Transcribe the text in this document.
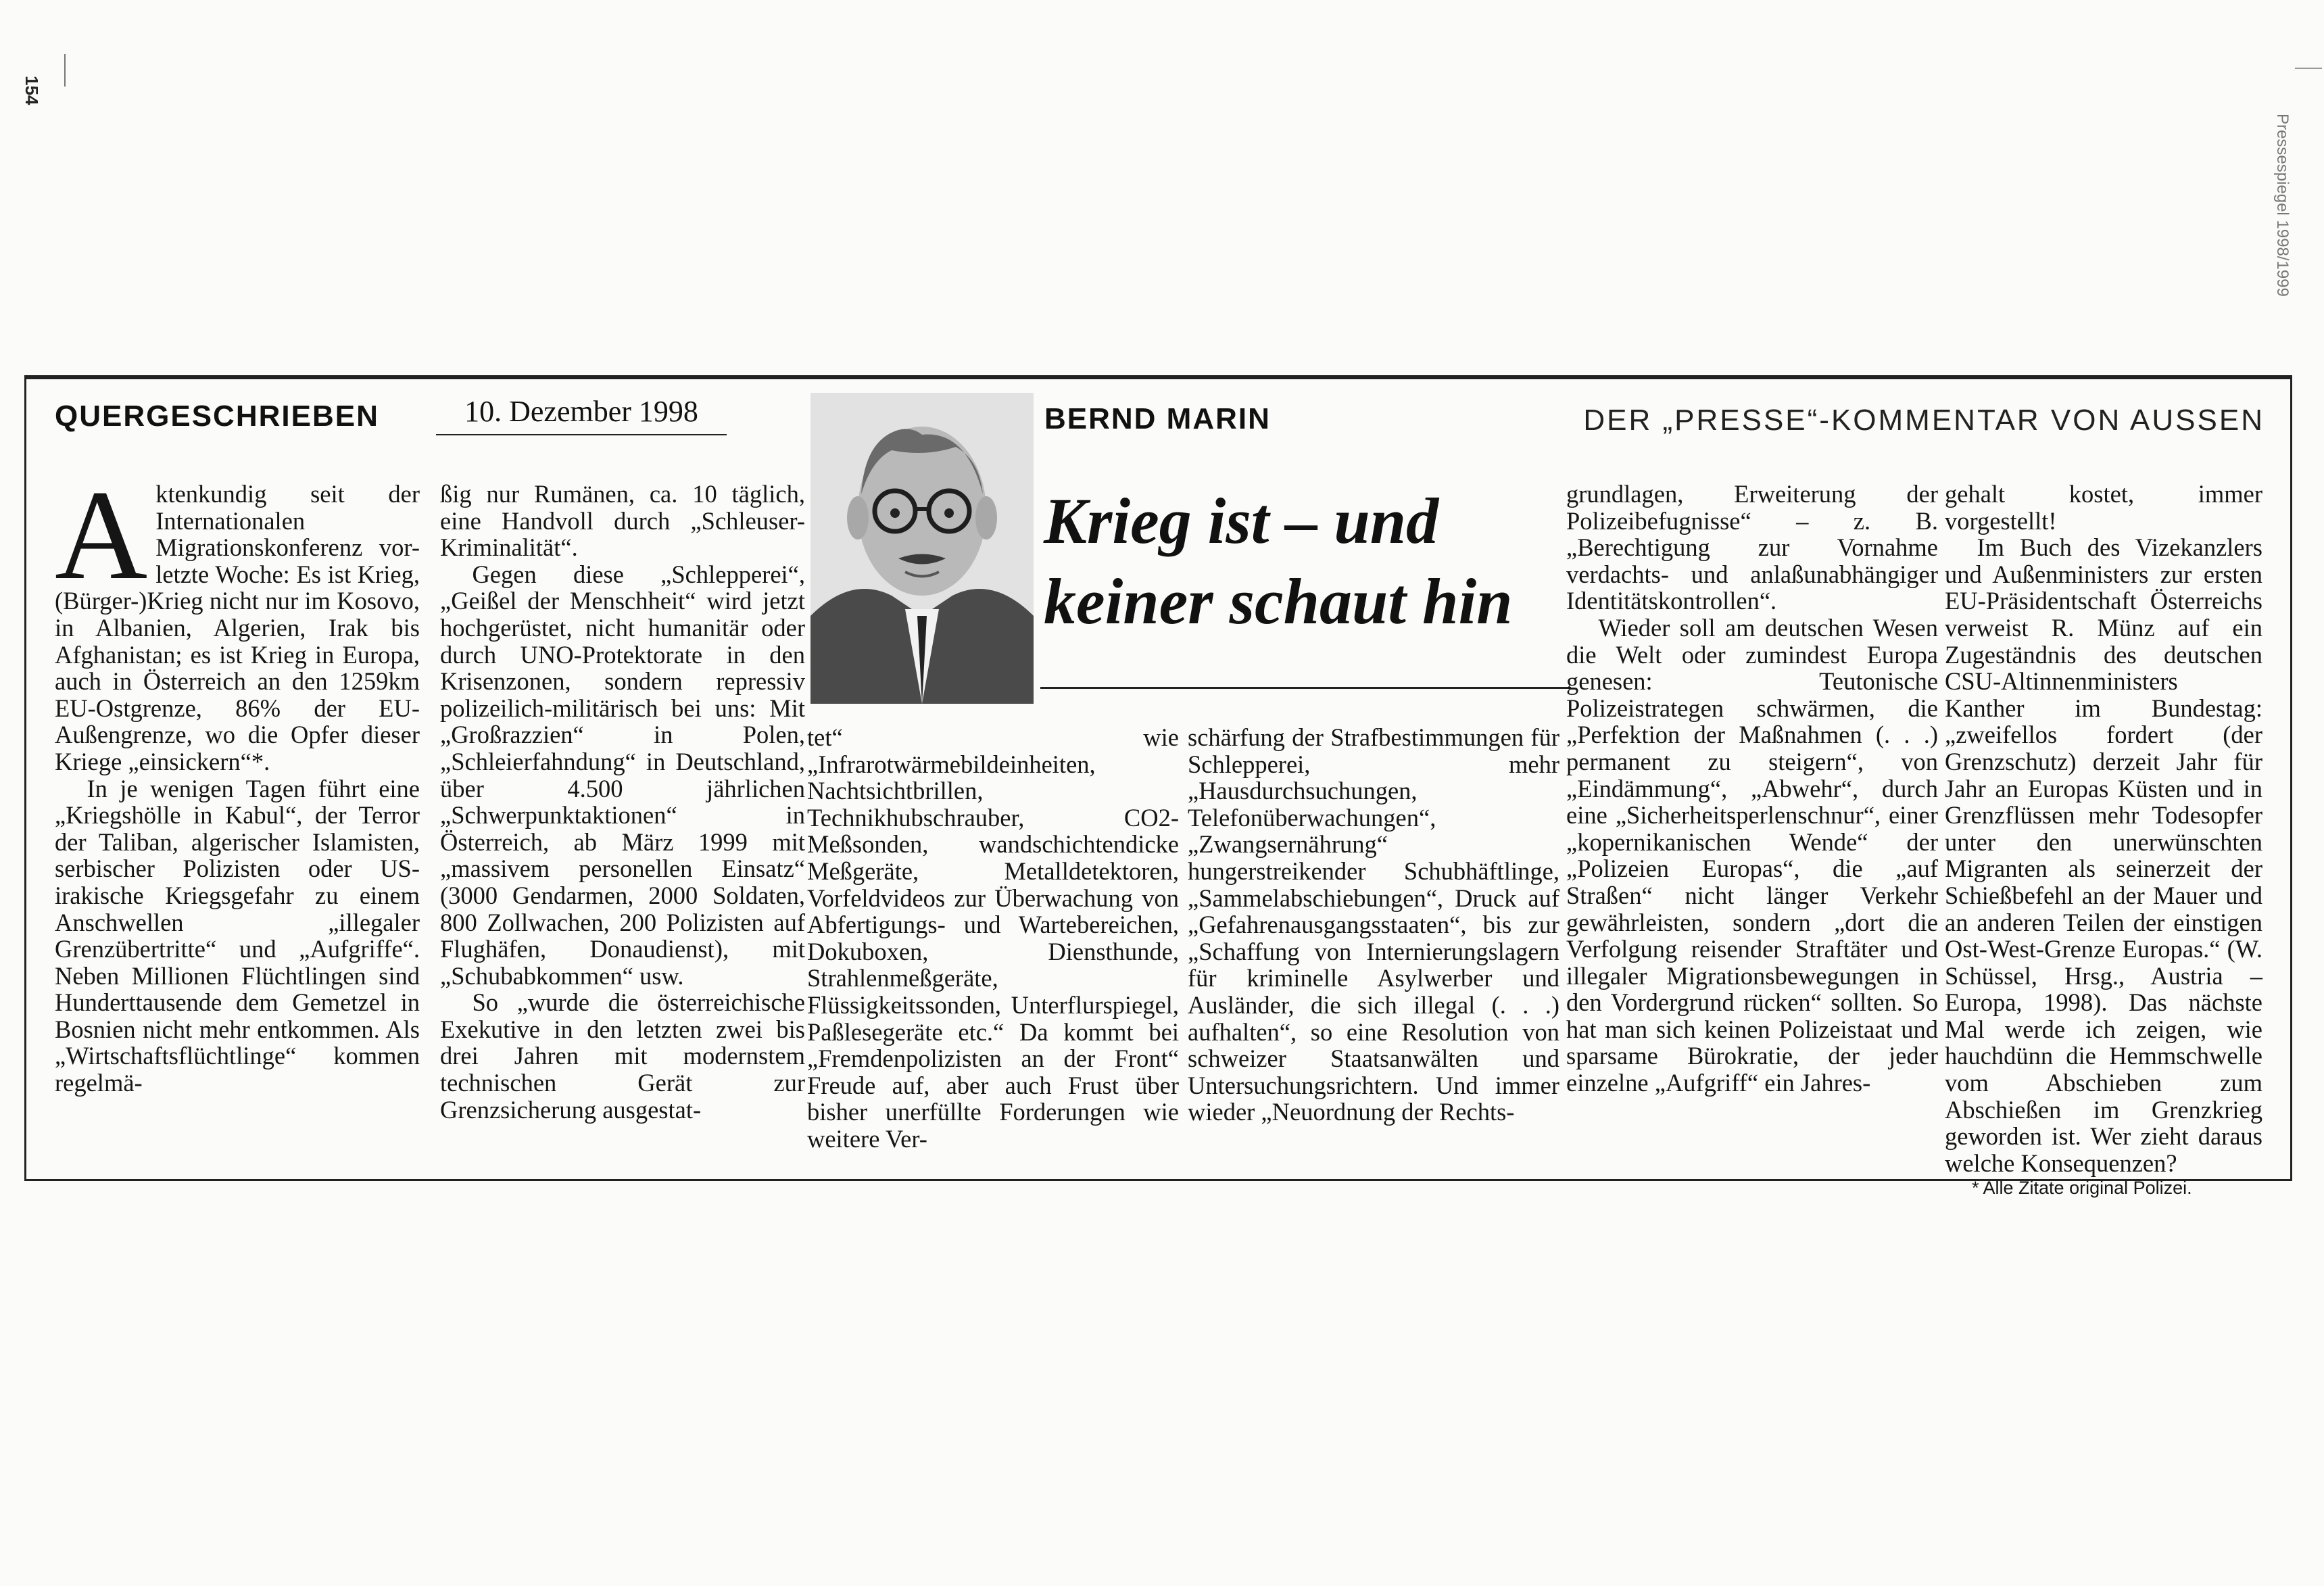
154
Pressespiegel 1998/1999
QUERGESCHRIEBEN	10. Dezember 1998	BERND MARIN	DER „PRESSE“-KOMMENTAR VON AUSSEN
Krieg ist – und
keiner schaut hin

Aktenkundig seit der Internationalen Migrationskonferenz vor-letzte Woche: Es ist Krieg, (Bürger-)Krieg nicht nur im Kosovo, in Albanien, Algerien, Irak bis Afghanistan; es ist Krieg in Europa, auch in Österreich an den 1259km EU-Ostgrenze, 86% der EU-Außengrenze, wo die Opfer dieser Kriege „einsickern“*.

In je wenigen Tagen führt eine „Kriegshölle in Kabul“, der Terror der Taliban, algerischer Islamisten, serbischer Polizisten oder US-irakische Kriegsgefahr zu einem Anschwellen „illegaler Grenzübertritte“ und „Aufgriffe“. Neben Millionen Flüchtlingen sind Hunderttausende dem Gemetzel in Bosnien nicht mehr entkommen. Als „Wirtschaftsflüchtlinge“ kommen regelmä-

ßig nur Rumänen, ca. 10 täglich, eine Handvoll durch „Schleuser-Kriminalität“.

Gegen diese „Schlepperei“, „Geißel der Menschheit“ wird jetzt hochgerüstet, nicht humanitär oder durch UNO-Protektorate in den Krisenzonen, sondern repressiv polizeilich-militärisch bei uns: Mit „Großrazzien“ in Polen, „Schleierfahndung“ in Deutschland, über 4.500 jährlichen „Schwerpunktaktionen“ in Österreich, ab März 1999 mit „massivem personellen Einsatz“ (3000 Gendarmen, 2000 Soldaten, 800 Zollwachen, 200 Polizisten auf Flughäfen, Donaudienst), mit „Schubabkommen“ usw.

So „wurde die österreichische Exekutive in den letzten zwei bis drei Jahren mit modernstem technischen Gerät zur Grenzsicherung ausgestat-

tet“ wie „Infrarotwärmebildeinheiten, Nachtsichtbrillen, Technikhubschrauber, CO2-Meßsonden, wandschichtendicke Meßgeräte, Metalldetektoren, Vorfeldvideos zur Überwachung von Abfertigungs- und Wartebereichen, Dokuboxen, Diensthunde, Strahlenmeßgeräte, Flüssigkeitssonden, Unterflurspiegel, Paßlesegeräte etc.“ Da kommt bei „Fremdenpolizisten an der Front“ Freude auf, aber auch Frust über bisher unerfüllte Forderungen wie weitere Ver-

schärfung der Strafbestimmungen für Schlepperei, mehr „Hausdurchsuchungen, Telefonüberwachungen“, „Zwangsernährung“ hungerstreikender Schubhäftlinge, „Sammelabschiebungen“, Druck auf „Gefahrenausgangsstaaten“, bis zur „Schaffung von Internierungslagern für kriminelle Asylwerber und Ausländer, die sich illegal (. . .) aufhalten“, so eine Resolution von schweizer Staatsanwälten und Untersuchungsrichtern. Und immer wieder „Neuordnung der Rechts-

grundlagen, Erweiterung der Polizeibefugnisse“ – z. B. „Berechtigung zur Vornahme verdachts- und anlaßunabhängiger Identitätskontrollen“.

Wieder soll am deutschen Wesen die Welt oder zumindest Europa genesen: Teutonische Polizeistrategen schwärmen, die „Perfektion der Maßnahmen (. . .) permanent zu steigern“, von „Eindämmung“, „Abwehr“, durch eine „Sicherheitsperlenschnur“, einer „kopernikanischen Wende“ der „Polizeien Europas“, die „auf Straßen“ nicht länger Verkehr gewährleisten, sondern „dort die Verfolgung reisender Straftäter und illegaler Migrationsbewegungen in den Vordergrund rücken“ sollten. So hat man sich keinen Polizeistaat und sparsame Bürokratie, der jeder einzelne „Aufgriff“ ein Jahres-

gehalt kostet, immer vorgestellt!

Im Buch des Vizekanzlers und Außenministers zur ersten EU-Präsidentschaft Österreichs verweist R. Münz auf ein Zugeständnis des deutschen CSU-Altinnenministers Kanther im Bundestag: „zweifellos fordert (der Grenzschutz) derzeit Jahr für Jahr an Europas Küsten und in Grenzflüssen mehr Todesopfer unter den unerwünschten Migranten als seinerzeit der Schießbefehl an der Mauer und an anderen Teilen der einstigen Ost-West-Grenze Europas.“ (W. Schüssel, Hrsg., Austria – Europa, 1998). Das nächste Mal werde ich zeigen, wie hauchdünn die Hemmschwelle vom Abschieben zum Abschießen im Grenzkrieg geworden ist. Wer zieht daraus welche Konsequenzen?

* Alle Zitate original Polizei.
